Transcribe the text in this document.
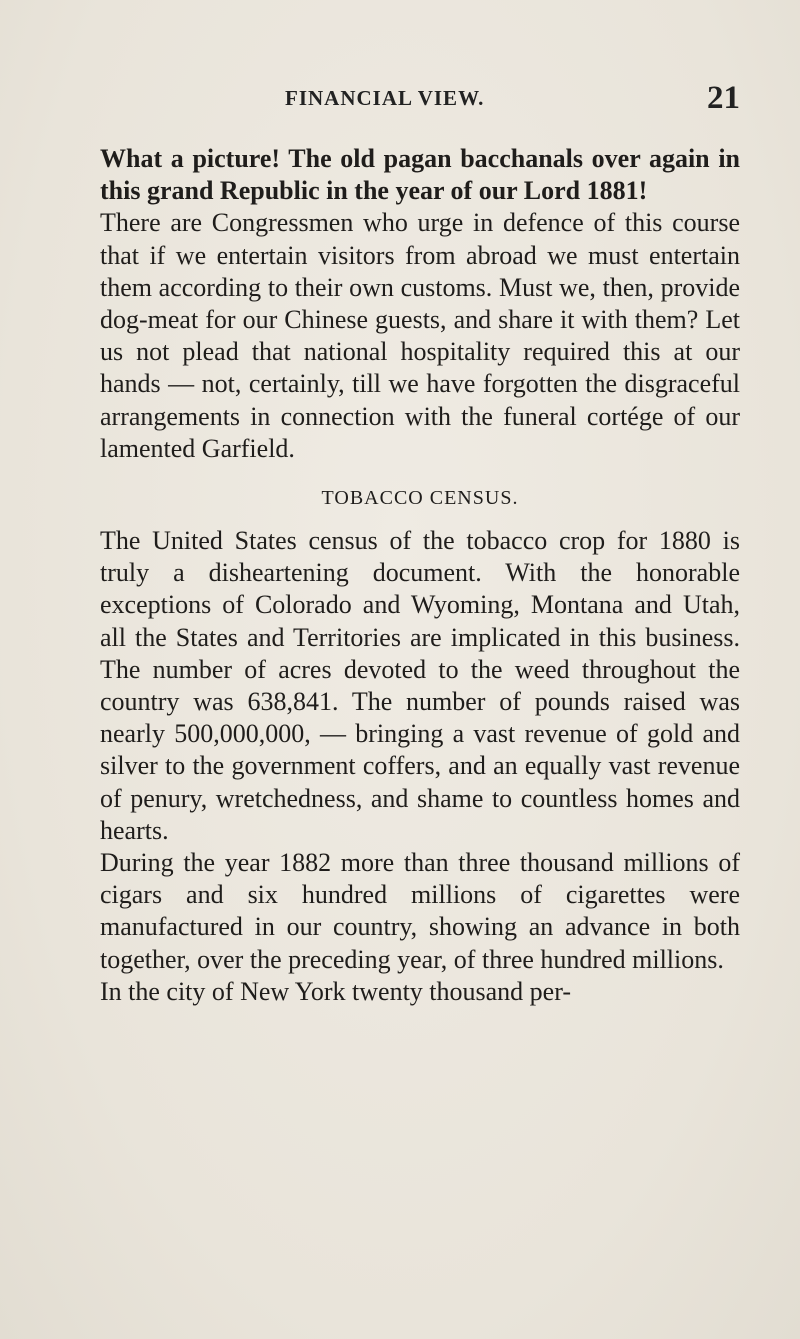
FINANCIAL VIEW.	21

What a picture! The old pagan bacchanals over again in this grand Republic in the year of our Lord 1881!

There are Congressmen who urge in defence of this course that if we entertain visitors from abroad we must entertain them according to their own customs. Must we, then, provide dog-meat for our Chinese guests, and share it with them? Let us not plead that national hospitality required this at our hands — not, certainly, till we have forgotten the disgraceful arrangements in connection with the funeral cortége of our lamented Garfield.

TOBACCO CENSUS.

The United States census of the tobacco crop for 1880 is truly a disheartening document. With the honorable exceptions of Colorado and Wyoming, Montana and Utah, all the States and Territories are implicated in this business. The number of acres devoted to the weed throughout the country was 638,841. The number of pounds raised was nearly 500,000,000, — bringing a vast revenue of gold and silver to the government coffers, and an equally vast revenue of penury, wretchedness, and shame to countless homes and hearts.

During the year 1882 more than three thousand millions of cigars and six hundred millions of cigarettes were manufactured in our country, showing an advance in both together, over the preceding year, of three hundred millions.

In the city of New York twenty thousand per-
